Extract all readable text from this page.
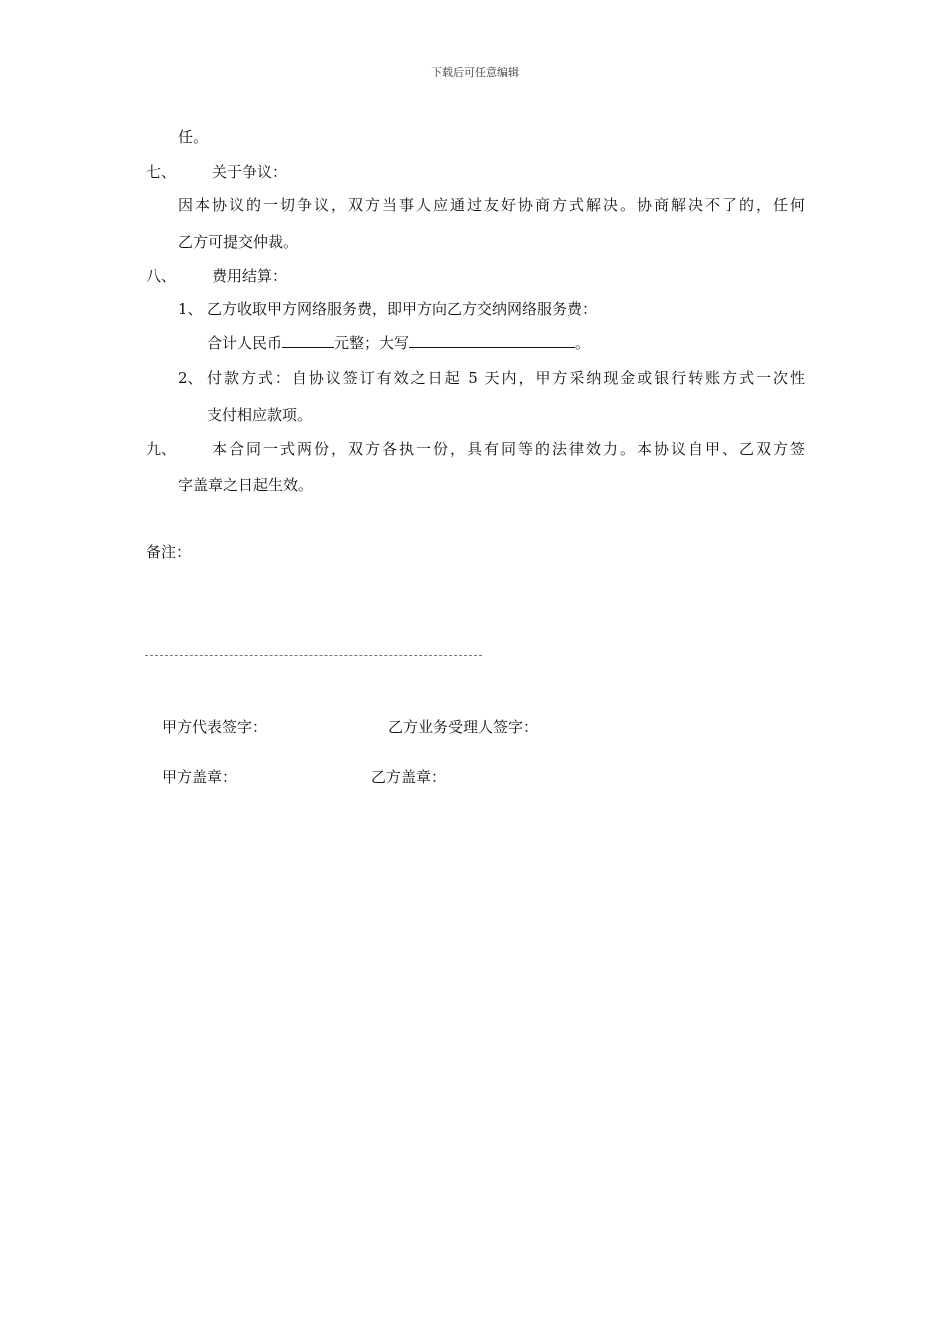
下载后可任意编辑
任。
七、 关于争议：
因本协议的一切争议，双方当事人应通过友好协商方式解决。协商解决不了的，任何
乙方可提交仲裁。
八、 费用结算：
1、 乙方收取甲方网络服务费，即甲方向乙方交纳网络服务费：
合计人民币	元整；大写	。
2、 付款方式：自协议签订有效之日起 5 天内，甲方采纳现金或银行转账方式一次性
支付相应款项。
九、 本合同一式两份，双方各执一份，具有同等的法律效力。本协议自甲、乙双方签
字盖章之日起生效。
备注：
甲方代表签字：	乙方业务受理人签字：
甲方盖章：	乙方盖章：
